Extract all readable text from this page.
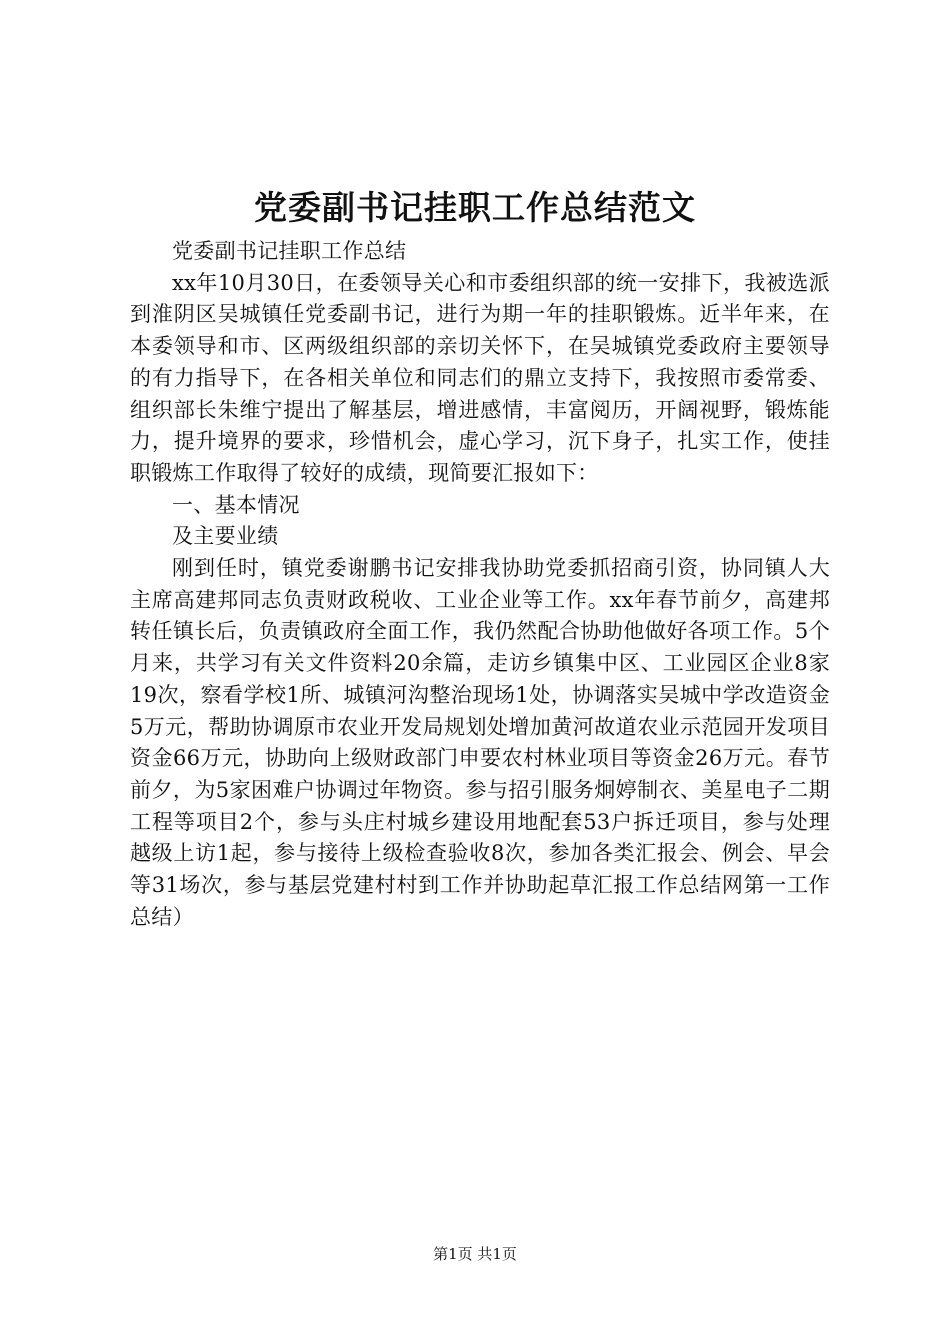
党委副书记挂职工作总结范文

党委副书记挂职工作总结

xx年10月30日，在委领导关心和市委组织部的统一安排下，我被选派到淮阴区吴城镇任党委副书记，进行为期一年的挂职锻炼。近半年来，在本委领导和市、区两级组织部的亲切关怀下，在吴城镇党委政府主要领导的有力指导下，在各相关单位和同志们的鼎立支持下，我按照市委常委、组织部长朱维宁提出了解基层，增进感情，丰富阅历，开阔视野，锻炼能力，提升境界的要求，珍惜机会，虚心学习，沉下身子，扎实工作，使挂职锻炼工作取得了较好的成绩，现简要汇报如下：

一、基本情况

及主要业绩

刚到任时，镇党委谢鹏书记安排我协助党委抓招商引资，协同镇人大主席高建邦同志负责财政税收、工业企业等工作。xx年春节前夕，高建邦转任镇长后，负责镇政府全面工作，我仍然配合协助他做好各项工作。5个月来，共学习有关文件资料20余篇，走访乡镇集中区、工业园区企业8家19次，察看学校1所、城镇河沟整治现场1处，协调落实吴城中学改造资金5万元，帮助协调原市农业开发局规划处增加黄河故道农业示范园开发项目资金66万元，协助向上级财政部门申要农村林业项目等资金26万元。春节前夕，为5家困难户协调过年物资。参与招引服务炯婷制衣、美星电子二期工程等项目2个，参与头庄村城乡建设用地配套53户拆迁项目，参与处理越级上访1起，参与接待上级检查验收8次，参加各类汇报会、例会、早会等31场次，参与基层党建村村到工作并协助起草汇报工作总结网第一工作总结）

第1页 共1页
